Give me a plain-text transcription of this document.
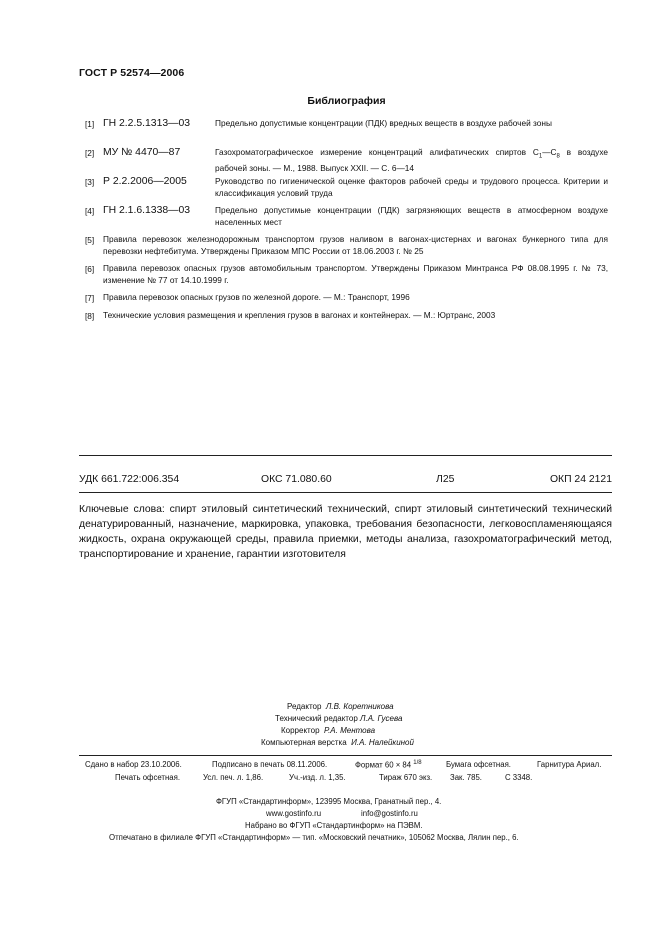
ГОСТ Р 52574—2006
Библиография
[1] ГН 2.2.5.1313—03	Предельно допустимые концентрации (ПДК) вредных веществ в воздухе рабочей зоны
[2] МУ № 4470—87	Газохроматографическое измерение концентраций алифатических спиртов $С_1—С_8$ в воздухе рабочей зоны. — М., 1988. Выпуск XXII. — С. 6—14
[3] Р 2.2.2006—2005	Руководство по гигиенической оценке факторов рабочей среды и трудового процесса. Критерии и классификация условий труда
[4] ГН 2.1.6.1338—03	Предельно допустимые концентрации (ПДК) загрязняющих веществ в атмосферном воздухе населенных мест
[5] Правила перевозок железнодорожным транспортом грузов наливом в вагонах-цистернах и вагонах бункерного типа для перевозки нефтебитума. Утверждены Приказом МПС России от 18.06.2003 г. № 25
[6] Правила перевозок опасных грузов автомобильным транспортом. Утверждены Приказом Минтранса РФ 08.08.1995 г. № 73, изменение № 77 от 14.10.1999 г.
[7] Правила перевозок опасных грузов по железной дороге. — М.: Транспорт, 1996
[8] Технические условия размещения и крепления грузов в вагонах и контейнерах. — М.: Юртранс, 2003
УДК 661.722:006.354	ОКС 71.080.60	Л25	ОКП 24 2121
Ключевые слова: спирт этиловый синтетический технический, спирт этиловый синтетический технический денатурированный, назначение, маркировка, упаковка, требования безопасности, легковоспламеняющаяся жидкость, охрана окружающей среды, правила приемки, методы анализа, газохроматографический метод, транспортирование и хранение, гарантии изготовителя
Редактор Л.В. Коретникова
Технический редактор Л.А. Гусева
Корректор Р.А. Ментова
Компьютерная верстка И.А. Налейкиной
Сдано в набор 23.10.2006.	Подписано в печать 08.11.2006.	Формат 60 × 84 $^{1/8}$	Бумага офсетная.	Гарнитура Ариал.
Печать офсетная.	Усл. печ. л. 1,86.	Уч.-изд. л. 1,35.	Тираж 670 экз. Зак. 785.	С 3348.
ФГУП «Стандартинформ», 123995 Москва, Гранатный пер., 4.
www.gostinfo.ru	info@gostinfo.ru
Набрано во ФГУП «Стандартинформ» на ПЭВМ.
Отпечатано в филиале ФГУП «Стандартинформ» — тип. «Московский печатник», 105062 Москва, Лялин пер., 6.
